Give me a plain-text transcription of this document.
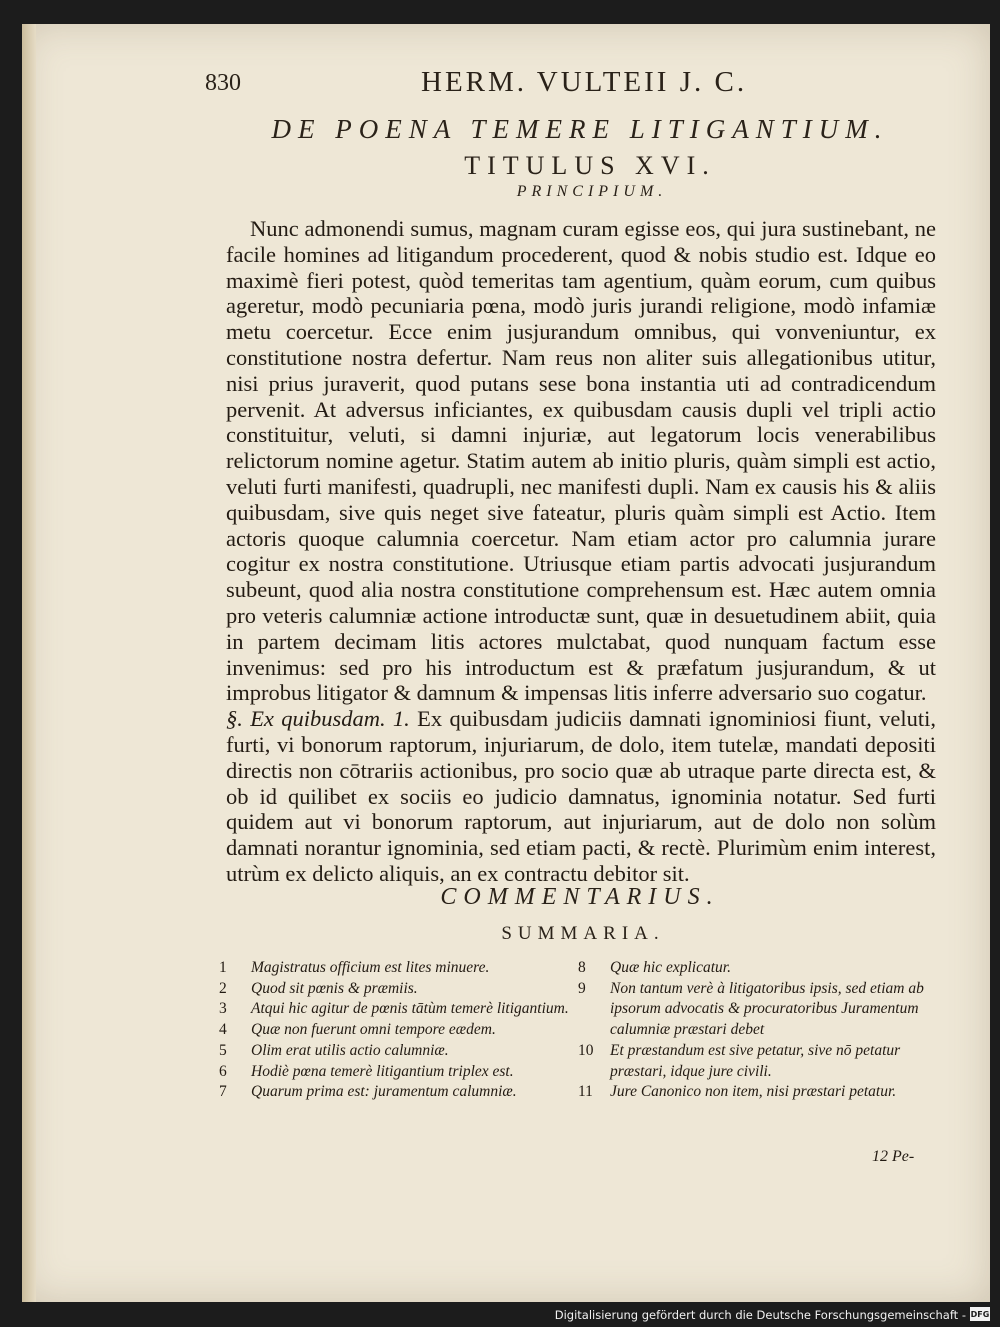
830	HERM. VULTEII J. C.
DE POENA TEMERE LITIGANTIUM.
TITULUS XVI.
PRINCIPIUM.

Nunc admonendi sumus, magnam curam egisse eos, qui jura sustinebant, ne facile homines ad litigandum procederent, quod & nobis studio est. Idque eo maximè fieri potest, quòd temeritas tam agentium, quàm eorum, cum quibus ageretur, modò pecuniaria pœna, modò juris jurandi religione, modò infamiæ metu coercetur. Ecce enim jusjurandum omnibus, qui vonveniuntur, ex constitutione nostra defertur. Nam reus non aliter suis allegationibus utitur, nisi prius juraverit, quod putans sese bona instantia uti ad contradicendum pervenit. At adversus inficiantes, ex quibusdam causis dupli vel tripli actio constituitur, veluti, si damni injuriæ, aut legatorum locis venerabilibus relictorum nomine agetur. Statim autem ab initio pluris, quàm simpli est actio, veluti furti manifesti, quadrupli, nec manifesti dupli. Nam ex causis his & aliis quibusdam, sive quis neget sive fateatur, pluris quàm simpli est Actio. Item actoris quoque calumnia coercetur. Nam etiam actor pro calumnia jurare cogitur ex nostra constitutione. Utriusque etiam partis advocati jusjurandum subeunt, quod alia nostra constitutione comprehensum est. Hæc autem omnia pro veteris calumniæ actione introductæ sunt, quæ in desuetudinem abiit, quia in partem decimam litis actores mulctabat, quod nunquam factum esse invenimus: sed pro his introductum est & præfatum jusjurandum, & ut improbus litigator & damnum & impensas litis inferre adversario suo cogatur.

§. Ex quibusdam. 1. Ex quibusdam judiciis damnati ignominiosi fiunt, veluti, furti, vi bonorum raptorum, injuriarum, de dolo, item tutelæ, mandati depositi directis non cōtrariis actionibus, pro socio quæ ab utraque parte directa est, & ob id quilibet ex sociis eo judicio damnatus, ignominia notatur. Sed furti quidem aut vi bonorum raptorum, aut injuriarum, aut de dolo non solùm damnati norantur ignominia, sed etiam pacti, & rectè. Plurimùm enim interest, utrùm ex delicto aliquis, an ex contractu debitor sit.

COMMENTARIUS.
SUMMARIA.
1	Magistratus officium est lites minuere.
2	Quod sit pœnis & præmiis.
3	Atqui hic agitur de pœnis tātùm temerè litigantium.
4	Quæ non fuerunt omni tempore eædem.
5	Olim erat utilis actio calumniæ.
6	Hodiè pœna temerè litigantium triplex est.
7	Quarum prima est: juramentum calumniæ.
8	Quæ hic explicatur.
9	Non tantum verè à litigatoribus ipsis, sed etiam ab ipsorum advocatis & procuratoribus Juramentum calumniæ præstari debet
10	Et præstandum est sive petatur, sive nō petatur præstari, idque jure civili.
11	Jure Canonico non item, nisi præstari petatur.
12 Pe-
Digitalisierung gefördert durch die Deutsche Forschungsgemeinschaft - DFG
